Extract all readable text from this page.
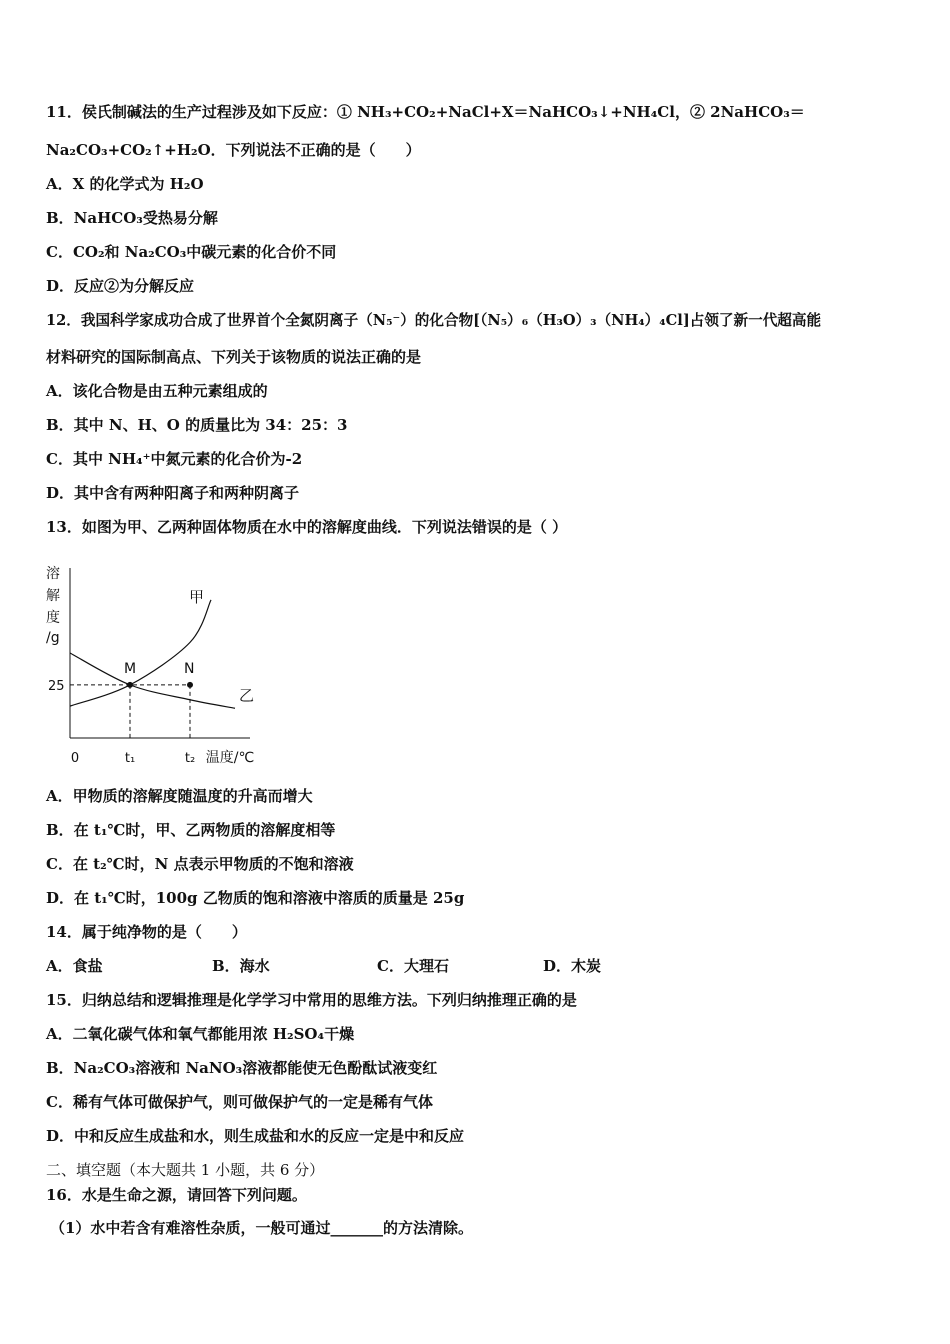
11．侯氏制碱法的生产过程涉及如下反应：① NH₃+CO₂+NaCl+X＝NaHCO₃↓+NH₄Cl，② 2NaHCO₃＝
Na₂CO₃+CO₂↑+H₂O．下列说法不正确的是（　　）
A．X 的化学式为 H₂O
B．NaHCO₃受热易分解
C．CO₂和 Na₂CO₃中碳元素的化合价不同
D．反应②为分解反应
12．我国科学家成功合成了世界首个全氮阴离子（N₅⁻）的化合物[（N₅）₆（H₃O）₃（NH₄）₄Cl]占领了新一代超高能
材料研究的国际制高点、下列关于该物质的说法正确的是
A．该化合物是由五种元素组成的
B．其中 N、H、O 的质量比为 34：25：3
C．其中 NH₄⁺中氮元素的化合价为-2
D．其中含有两种阳离子和两种阴离子
13．如图为甲、乙两种固体物质在水中的溶解度曲线．下列说法错误的是（ ）
溶
解
度
/g
温度/℃
0
甲
乙
M	N
25
t₁	t₂
A．甲物质的溶解度随温度的升高而增大
B．在 t₁℃时，甲、乙两物质的溶解度相等
C．在 t₂℃时，N 点表示甲物质的不饱和溶液
D．在 t₁℃时，100g 乙物质的饱和溶液中溶质的质量是 25g
14．属于纯净物的是（　　）
A．食盐	B．海水	C．大理石	D．木炭
15．归纳总结和逻辑推理是化学学习中常用的思维方法。下列归纳推理正确的是
A．二氧化碳气体和氧气都能用浓 H₂SO₄干燥
B．Na₂CO₃溶液和 NaNO₃溶液都能使无色酚酞试液变红
C．稀有气体可做保护气，则可做保护气的一定是稀有气体
D．中和反应生成盐和水，则生成盐和水的反应一定是中和反应
二、填空题（本大题共 1 小题，共 6 分）
16．水是生命之源，请回答下列问题。
（1）水中若含有难溶性杂质，一般可通过_______的方法清除。
